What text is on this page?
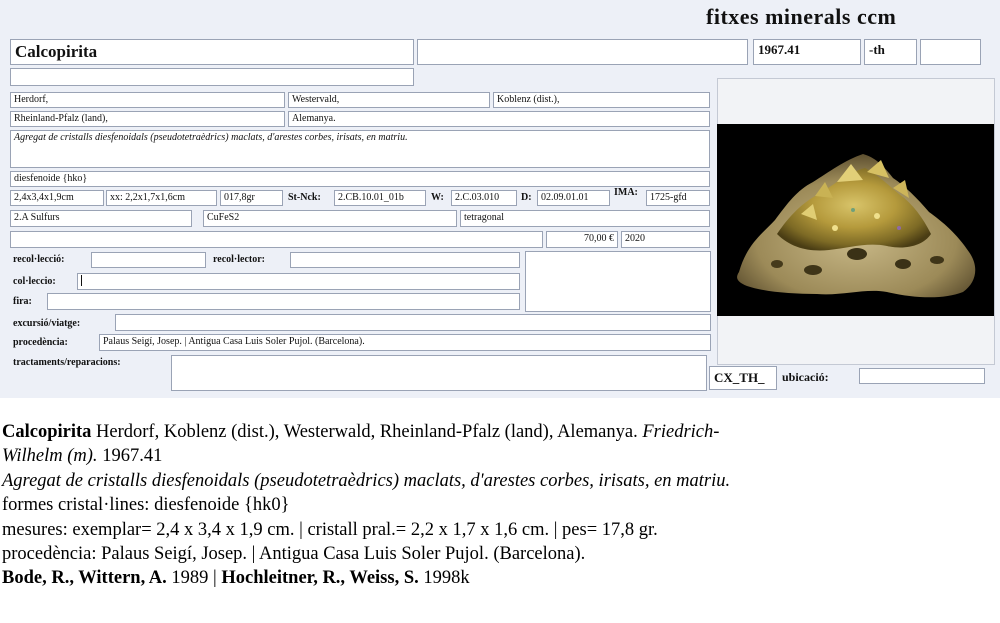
fitxes minerals ccm
Calcopirita	1967.41	-th
Herdorf,	Westervald,	Koblenz (dist.),
Rheinland-Pfalz (land),	Alemanya.
Agregat de cristalls diesfenoidals (pseudotetraèdrics) maclats, d'arestes corbes, irisats, en matriu.
diesfenoide {hko}
2,4x3,4x1,9cm	xx: 2,2x1,7x1,6cm	017,8gr	St-Nck:	2.CB.10.01_01b	W:	2.C.03.010	D: 02.09.01.01	IMA:	1725-gfd
2.A Sulfurs	CuFeS2	tetragonal
70,00 €	2020
recol·lecció:	recol·lector:
col·leccio:
fira:
excursió/viatge:
procedència:	Palaus Seigí, Josep. | Antigua Casa Luis Soler Pujol. (Barcelona).
tractaments/reparacions:
CX_TH_	ubicació:
Calcopirita Herdorf, Koblenz (dist.), Westerwald, Rheinland-Pfalz (land), Alemanya. Friedrich-
Wilhelm (m). 1967.41
Agregat de cristalls diesfenoidals (pseudotetraèdrics) maclats, d'arestes corbes, irisats, en matriu.
formes cristal·lines: diesfenoide {hk0}
mesures: exemplar= 2,4 x 3,4 x 1,9 cm. | cristall pral.= 2,2 x 1,7 x 1,6 cm. | pes= 17,8 gr.
procedència: Palaus Seigí, Josep. | Antigua Casa Luis Soler Pujol. (Barcelona).
Bode, R., Wittern, A. 1989 | Hochleitner, R., Weiss, S. 1998k
